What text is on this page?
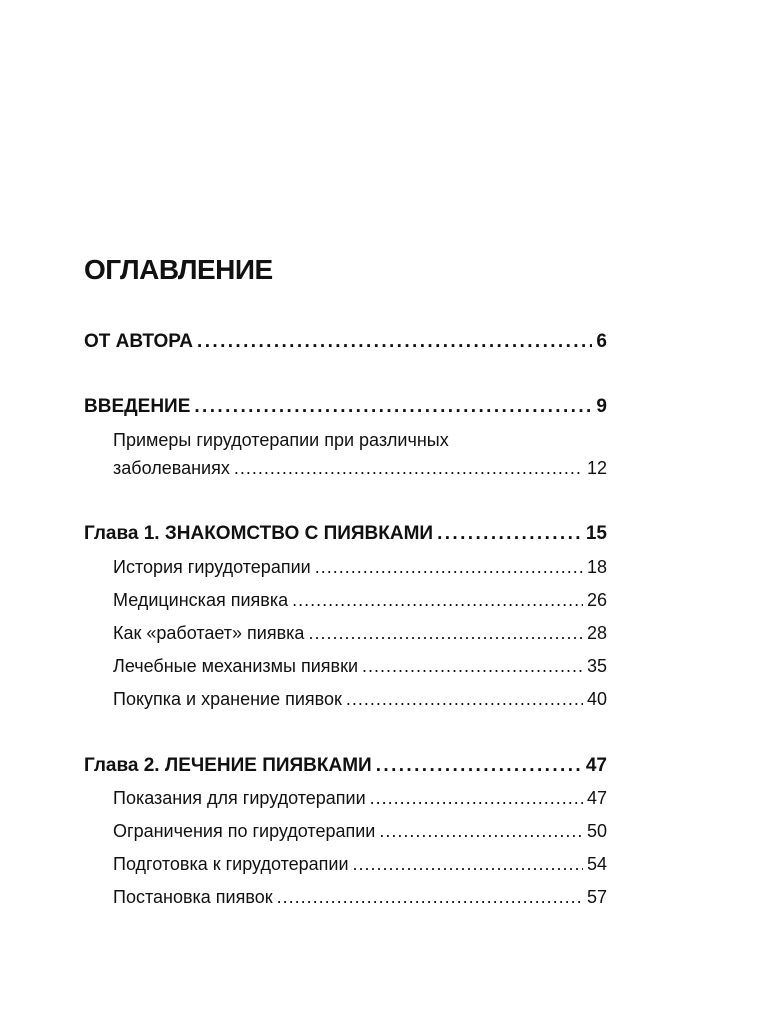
ОГЛАВЛЕНИЕ
ОТ АВТОРА .....	6
ВВЕДЕНИЕ .....	9
Примеры гирудотерапии при различных
заболеваниях .....	12
Глава 1. ЗНАКОМСТВО С ПИЯВКАМИ .....	15
История гирудотерапии .....	18
Медицинская пиявка .....	26
Как «работает» пиявка .....	28
Лечебные механизмы пиявки .....	35
Покупка и хранение пиявок .....	40
Глава 2. ЛЕЧЕНИЕ ПИЯВКАМИ .....	47
Показания для гирудотерапии .....	47
Ограничения по гирудотерапии .....	50
Подготовка к гирудотерапии .....	54
Постановка пиявок .....	57
